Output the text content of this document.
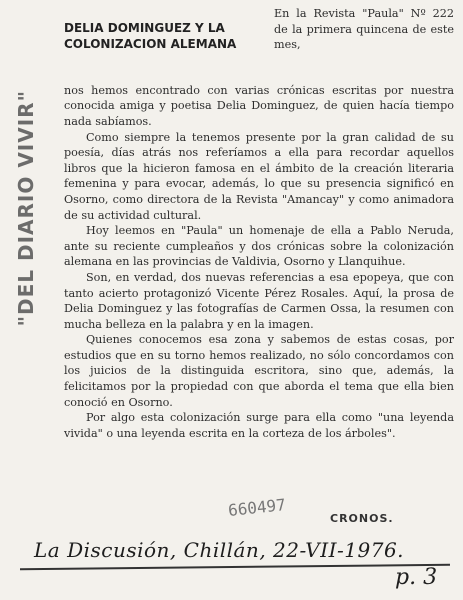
"DEL DIARIO VIVIR"
DELIA DOMINGUEZ Y LA COLONIZACION ALEMANA

En la Revista "Paula" Nº 222 de la primera quincena de este mes,

nos hemos encontrado con varias crónicas escritas por nuestra conocida amiga y poetisa Delia Dominguez, de quien hacía tiempo nada sabíamos.

Como siempre la tenemos presente por la gran calidad de su poesía, días atrás nos referíamos a ella para recordar aquellos libros que la hicieron famosa en el ámbito de la creación literaria femenina y para evocar, además, lo que su presencia significó en Osorno, como directora de la Revista "Amancay" y como animadora de su actividad cultural.

Hoy leemos en "Paula" un homenaje de ella a Pablo Neruda, ante su reciente cumpleaños y dos crónicas sobre la colonización alemana en las provincias de Valdivia, Osorno y Llanquihue.

Son, en verdad, dos nuevas referencias a esa epopeya, que con tanto acierto protagonizó Vicente Pérez Rosales. Aquí, la prosa de Delia Dominguez y las fotografías de Carmen Ossa, la resumen con mucha belleza en la palabra y en la imagen.

Quienes conocemos esa zona y sabemos de estas cosas, por estudios que en su torno hemos realizado, no sólo concordamos con los juicios de la distinguida escritora, sino que, además, la felicitamos por la propiedad con que aborda el tema que ella bien conoció en Osorno.

Por algo esta colonización surge para ella como "una leyenda vivida" o una leyenda escrita en la corteza de los árboles".

660497	CRONOS.
La Discusión, Chillán, 22-VII-1976.
p. 3
